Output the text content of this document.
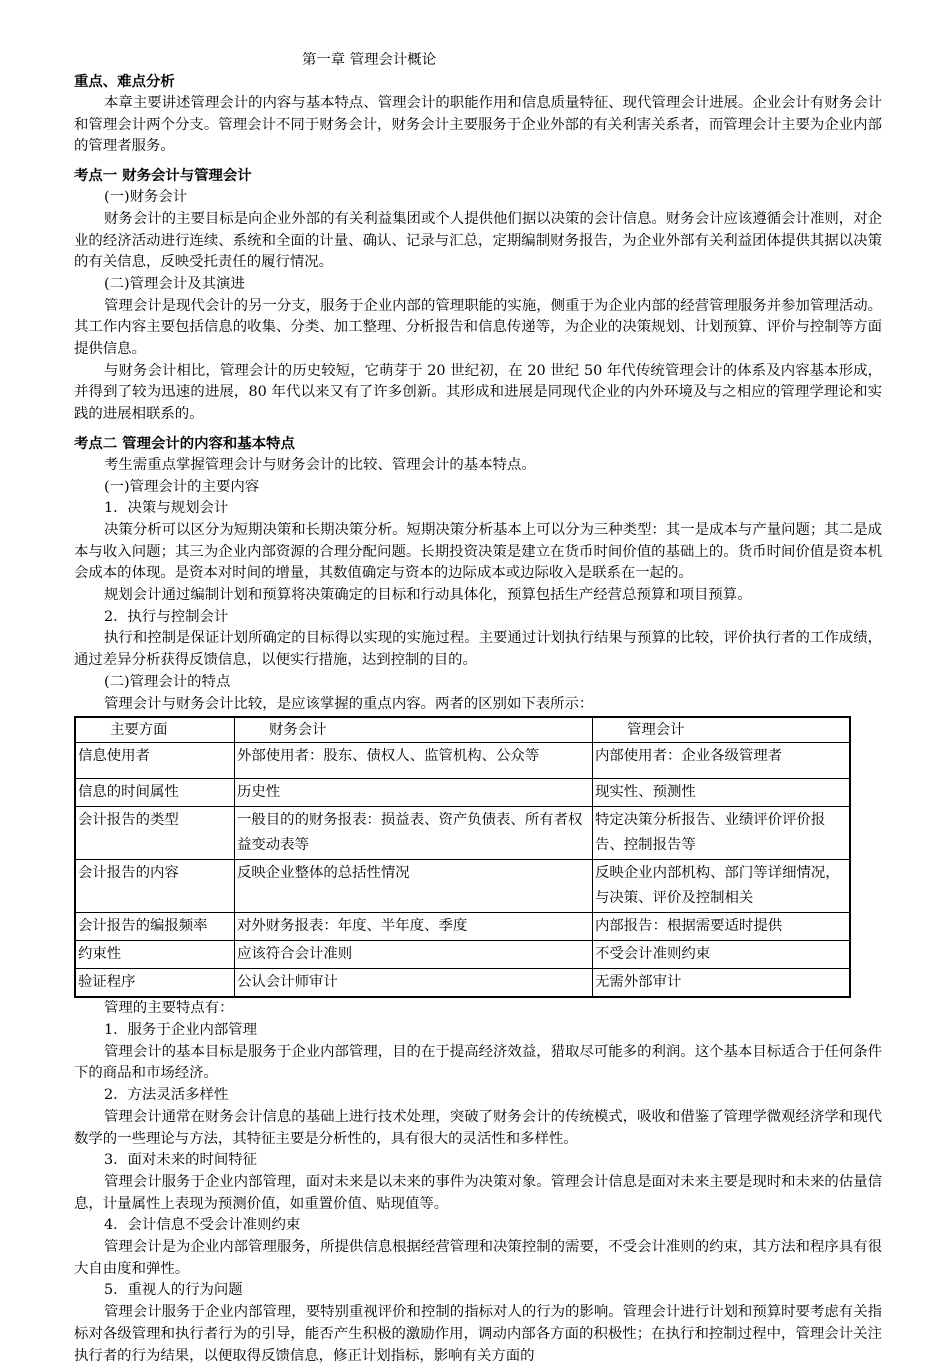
第一章 管理会计概论
重点、难点分析

本章主要讲述管理会计的内容与基本特点、管理会计的职能作用和信息质量特征、现代管理会计进展。企业会计有财务会计和管理会计两个分支。管理会计不同于财务会计，财务会计主要服务于企业外部的有关利害关系者，而管理会计主要为企业内部的管理者服务。

考点一 财务会计与管理会计

(一)财务会计

财务会计的主要目标是向企业外部的有关利益集团或个人提供他们据以决策的会计信息。财务会计应该遵循会计准则，对企业的经济活动进行连续、系统和全面的计量、确认、记录与汇总，定期编制财务报告，为企业外部有关利益团体提供其据以决策的有关信息，反映受托责任的履行情况。

(二)管理会计及其演进

管理会计是现代会计的另一分支，服务于企业内部的管理职能的实施，侧重于为企业内部的经营管理服务并参加管理活动。其工作内容主要包括信息的收集、分类、加工整理、分析报告和信息传递等，为企业的决策规划、计划预算、评价与控制等方面提供信息。

与财务会计相比，管理会计的历史较短，它萌芽于 20 世纪初，在 20 世纪 50 年代传统管理会计的体系及内容基本形成，并得到了较为迅速的进展，80 年代以来又有了许多创新。其形成和进展是同现代企业的内外环境及与之相应的管理学理论和实践的进展相联系的。

考点二 管理会计的内容和基本特点

考生需重点掌握管理会计与财务会计的比较、管理会计的基本特点。

(一)管理会计的主要内容

1．决策与规划会计

决策分析可以区分为短期决策和长期决策分析。短期决策分析基本上可以分为三种类型：其一是成本与产量问题；其二是成本与收入问题；其三为企业内部资源的合理分配问题。长期投资决策是建立在货币时间价值的基础上的。货币时间价值是资本机会成本的体现。是资本对时间的增量，其数值确定与资本的边际成本或边际收入是联系在一起的。

规划会计通过编制计划和预算将决策确定的目标和行动具体化，预算包括生产经营总预算和项目预算。

2．执行与控制会计

执行和控制是保证计划所确定的目标得以实现的实施过程。主要通过计划执行结果与预算的比较，评价执行者的工作成绩，通过差异分析获得反馈信息，以便实行措施，达到控制的目的。

(二)管理会计的特点

管理会计与财务会计比较，是应该掌握的重点内容。两者的区别如下表所示：

主要方面	财务会计	管理会计
信息使用者	外部使用者：股东、债权人、监管机构、公众等	内部使用者：企业各级管理者
信息的时间属性	历史性	现实性、预测性
会计报告的类型	一般目的的财务报表：损益表、资产负债表、所有者权益变动表等	特定决策分析报告、业绩评价评价报告、控制报告等
会计报告的内容	反映企业整体的总括性情况	反映企业内部机构、部门等详细情况，与决策、评价及控制相关
会计报告的编报频率	对外财务报表：年度、半年度、季度	内部报告：根据需要适时提供
约束性	应该符合会计准则	不受会计准则约束
验证程序	公认会计师审计	无需外部审计

管理的主要特点有：

1．服务于企业内部管理

管理会计的基本目标是服务于企业内部管理，目的在于提高经济效益，猎取尽可能多的利润。这个基本目标适合于任何条件下的商品和市场经济。

2．方法灵活多样性

管理会计通常在财务会计信息的基础上进行技术处理，突破了财务会计的传统模式，吸收和借鉴了管理学微观经济学和现代数学的一些理论与方法，其特征主要是分析性的，具有很大的灵活性和多样性。

3．面对未来的时间特征

管理会计服务于企业内部管理，面对未来是以未来的事件为决策对象。管理会计信息是面对未来主要是现时和未来的估量信息，计量属性上表现为预测价值，如重置价值、贴现值等。

4．会计信息不受会计准则约束

管理会计是为企业内部管理服务，所提供信息根据经营管理和决策控制的需要，不受会计准则的约束，其方法和程序具有很大自由度和弹性。

5．重视人的行为问题

管理会计服务于企业内部管理，要特别重视评价和控制的指标对人的行为的影响。管理会计进行计划和预算时要考虑有关指标对各级管理和执行者行为的引导，能否产生积极的激励作用，调动内部各方面的积极性；在执行和控制过程中，管理会计关注执行者的行为结果，以便取得反馈信息，修正计划指标，影响有关方面的
